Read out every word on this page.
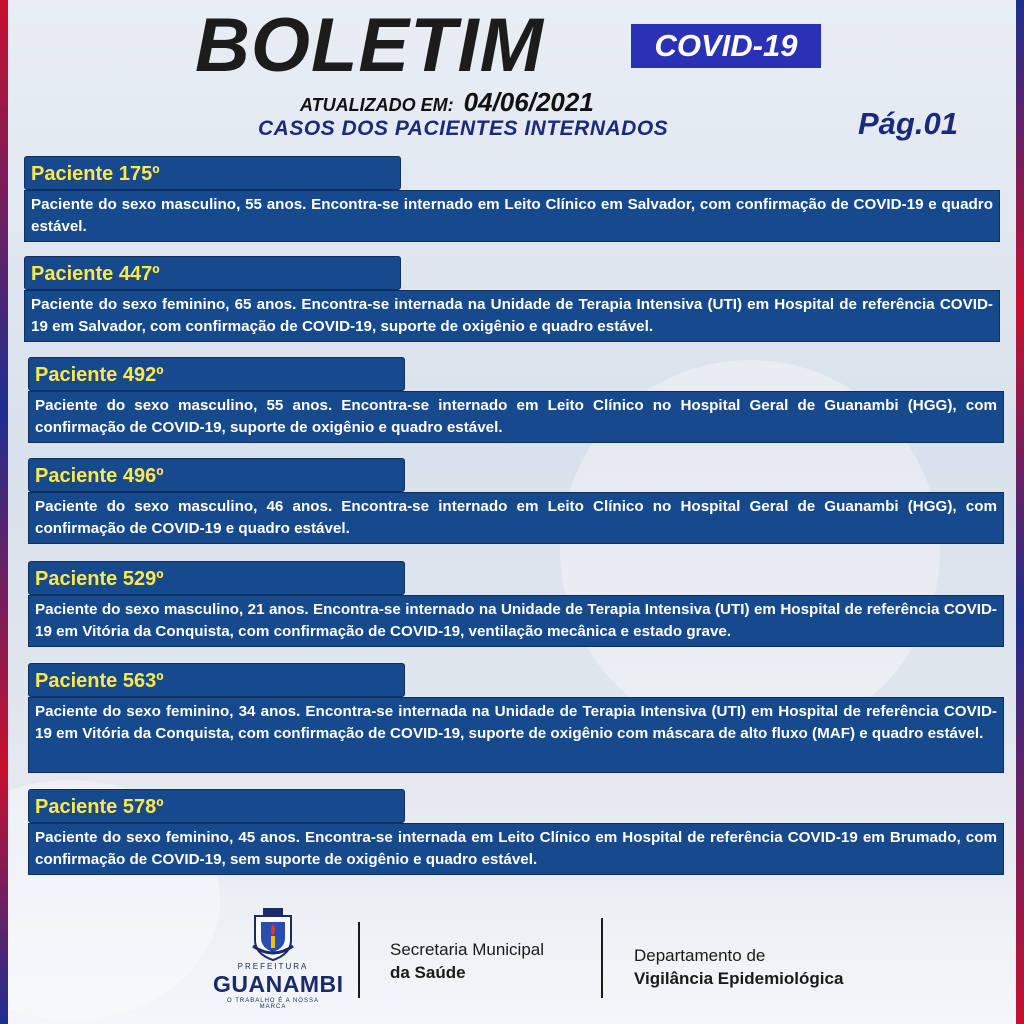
BOLETIM	COVID-19
ATUALIZADO EM: 04/06/2021
CASOS DOS PACIENTES INTERNADOS	Pág.01
Paciente 175º
Paciente do sexo masculino, 55 anos. Encontra-se internado em Leito Clínico em Salvador, com confirmação de COVID-19 e quadro estável.
Paciente 447º
Paciente do sexo feminino, 65 anos. Encontra-se internada na Unidade de Terapia Intensiva (UTI) em Hospital de referência COVID-19 em Salvador, com confirmação de COVID-19, suporte de oxigênio e quadro estável.
Paciente 492º
Paciente do sexo masculino, 55 anos. Encontra-se internado em Leito Clínico no Hospital Geral de Guanambi (HGG), com confirmação de COVID-19, suporte de oxigênio e quadro estável.
Paciente 496º
Paciente do sexo masculino, 46 anos. Encontra-se internado em Leito Clínico no Hospital Geral de Guanambi (HGG), com confirmação de COVID-19 e quadro estável.
Paciente 529º
Paciente do sexo masculino, 21 anos. Encontra-se internado na Unidade de Terapia Intensiva (UTI) em Hospital de referência COVID-19 em Vitória da Conquista, com confirmação de COVID-19, ventilação mecânica e estado grave.
Paciente 563º
Paciente do sexo feminino, 34 anos. Encontra-se internada na Unidade de Terapia Intensiva (UTI) em Hospital de referência COVID-19 em Vitória da Conquista, com confirmação de COVID-19, suporte de oxigênio com máscara de alto fluxo (MAF) e quadro estável.
Paciente 578º
Paciente do sexo feminino, 45 anos. Encontra-se internada em Leito Clínico em Hospital de referência COVID-19 em Brumado, com confirmação de COVID-19, sem suporte de oxigênio e quadro estável.
PREFEITURA
GUANAMBI
O TRABALHO É A NOSSA MARCA
Secretaria Municipal
da Saúde
Departamento de
Vigilância Epidemiológica
